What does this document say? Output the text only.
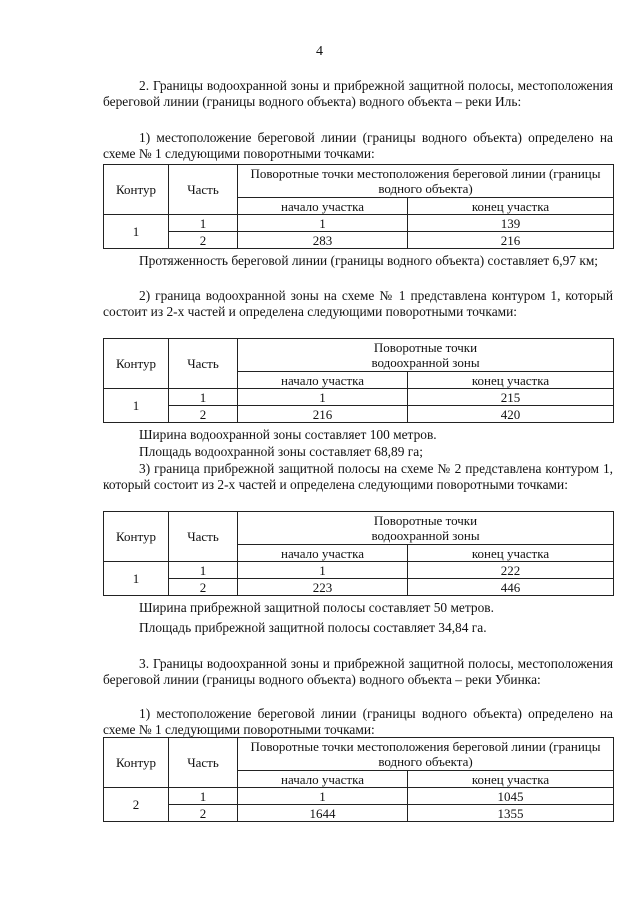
4
2. Границы водоохранной зоны и прибрежной защитной полосы, местоположения береговой линии (границы водного объекта) водного объекта – реки Иль:
1) местоположение береговой линии (границы водного объекта) определено на схеме № 1 следующими поворотными точками:
Контур	Часть	Поворотные точки местоположения береговой линии (границы водного объекта)	
		начало участка	конец участка
1	1	1	139
	2	283	216
Протяженность береговой линии (границы водного объекта) составляет 6,97 км;
2) граница водоохранной зоны на схеме № 1 представлена контуром 1, который состоит из 2-х частей и определена следующими поворотными точками:
Контур	Часть	Поворотные точки
водоохранной зоны	
		начало участка	конец участка
1	1	1	215
	2	216	420
Ширина водоохранной зоны составляет 100 метров.
Площадь водоохранной зоны составляет 68,89 га;
3) граница прибрежной защитной полосы на схеме № 2 представлена контуром 1, который состоит из 2-х частей и определена следующими поворотными точками:
Контур	Часть	Поворотные точки
водоохранной зоны	
		начало участка	конец участка
1	1	1	222
	2	223	446
Ширина прибрежной защитной полосы составляет 50 метров.
Площадь прибрежной защитной полосы составляет 34,84 га.
3. Границы водоохранной зоны и прибрежной защитной полосы, местоположения береговой линии (границы водного объекта) водного объекта – реки Убинка:
1) местоположение береговой линии (границы водного объекта) определено на схеме № 1 следующими поворотными точками:
Контур	Часть	Поворотные точки местоположения береговой линии (границы водного объекта)	
		начало участка	конец участка
2	1	1	1045
	2	1644	1355
